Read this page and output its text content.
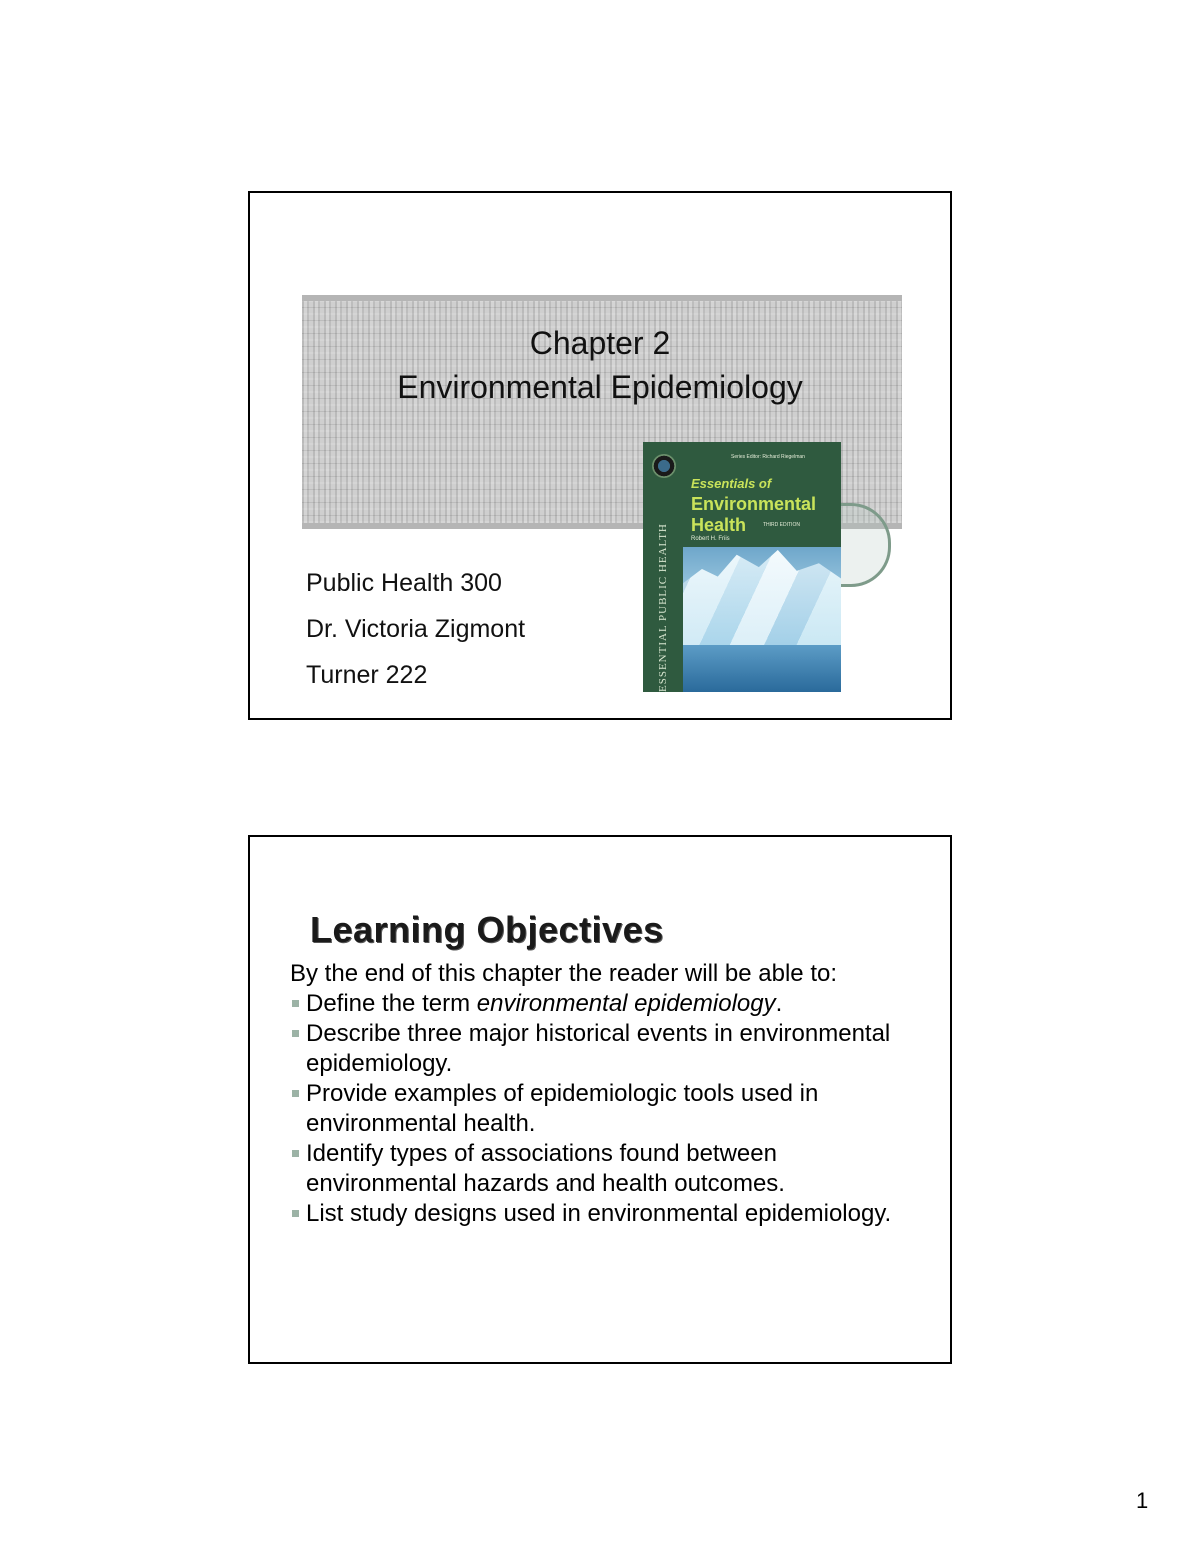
Chapter 2
Environmental Epidemiology
Public Health 300
Dr. Victoria Zigmont
Turner 222	ESSENTIAL PUBLIC HEALTH
Series Editor: Richard Riegelman
Essentials of
Environmental
Health	THIRD EDITION
Robert H. Friis
Learning Objectives
By the end of this chapter the reader will be able to:
Define the term environmental epidemiology.
Describe three major historical events in environmental epidemiology.
Provide examples of epidemiologic tools used in environmental health.
Identify types of associations found between environmental hazards and health outcomes.
List study designs used in environmental epidemiology.
1
